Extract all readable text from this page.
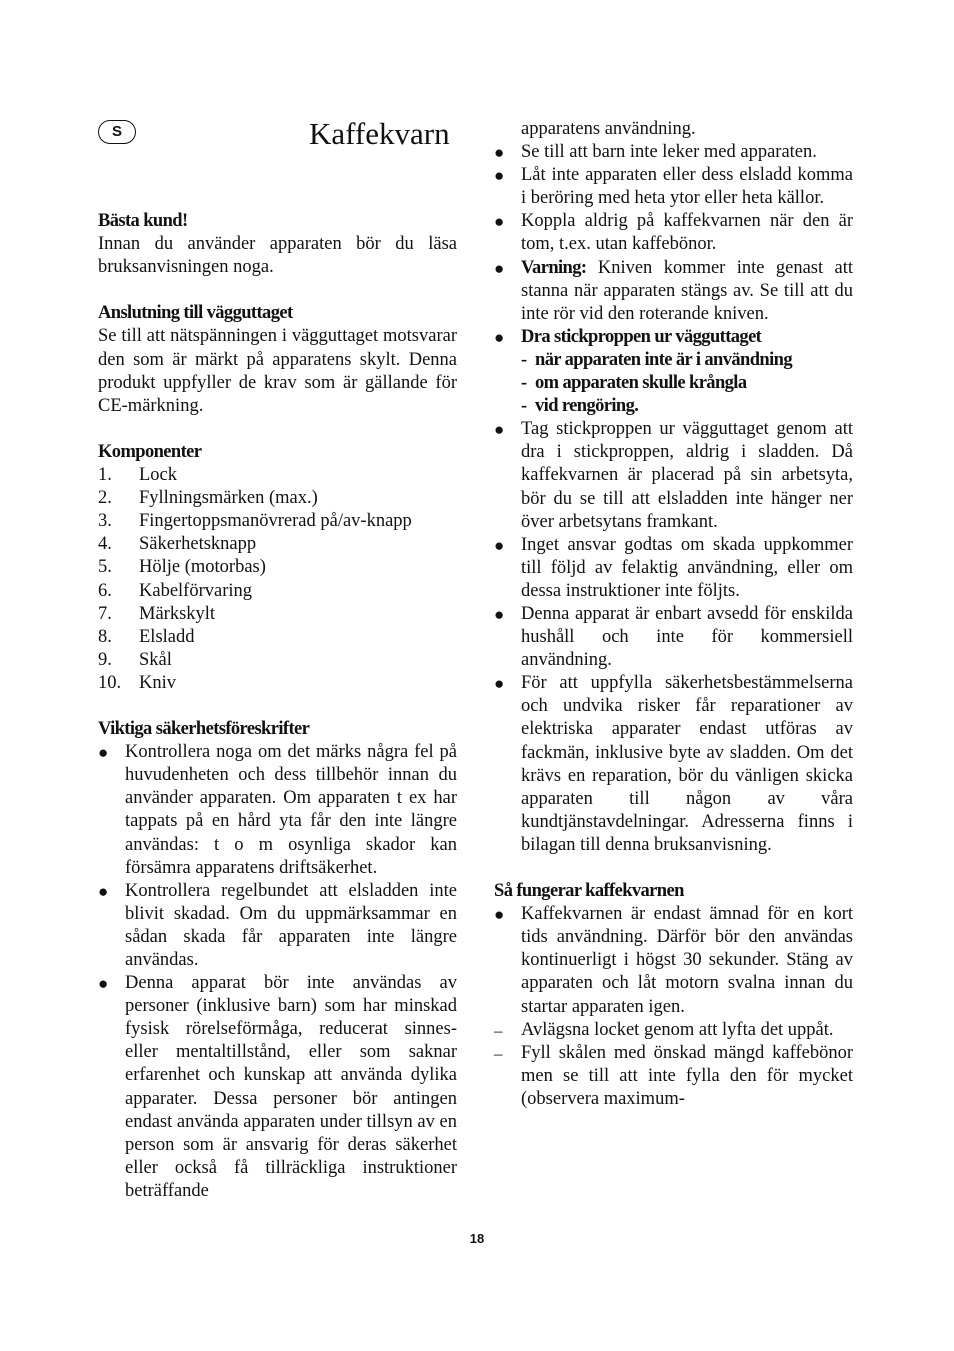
S	Kaffekvarn

Bästa kund!

Innan du använder apparaten bör du läsa bruksanvisningen noga.

Anslutning till vägguttaget

Se till att nätspänningen i vägguttaget motsvarar den som är märkt på apparatens skylt. Denna produkt uppfyller de krav som är gällande för CE-märkning.

Komponenter

1.	Lock
2.	Fyllningsmärken (max.)
3.	Fingertoppsmanövrerad på/av-knapp
4.	Säkerhetsknapp
5.	Hölje (motorbas)
6.	Kabelförvaring
7.	Märkskylt
8.	Elsladd
9.	Skål
10. Kniv

Viktiga säkerhetsföreskrifter

● Kontrollera noga om det märks några fel på huvudenheten och dess tillbehör innan du använder apparaten. Om apparaten t ex har tappats på en hård yta får den inte längre användas: t o m osynliga skador kan försämra apparatens driftsäkerhet.
● Kontrollera regelbundet att elsladden inte blivit skadad. Om du uppmärksammar en sådan skada får apparaten inte längre användas.
● Denna apparat bör inte användas av personer (inklusive barn) som har minskad fysisk rörelseförmåga, reducerat sinnes- eller mentaltillstånd, eller som saknar erfarenhet och kunskap att använda dylika apparater. Dessa personer bör antingen endast använda apparaten under tillsyn av en person som är ansvarig för deras säkerhet eller också få tillräckliga instruktioner beträffande
apparatens användning.
● Se till att barn inte leker med apparaten.
● Låt inte apparaten eller dess elsladd komma i beröring med heta ytor eller heta källor.
● Koppla aldrig på kaffekvarnen när den är tom, t.ex. utan kaffebönor.
● Varning: Kniven kommer inte genast att stanna när apparaten stängs av. Se till att du inte rör vid den roterande kniven.
● Dra stickproppen ur vägguttaget
- när apparaten inte är i användning
- om apparaten skulle krångla
- vid rengöring.
● Tag stickproppen ur vägguttaget genom att dra i stickproppen, aldrig i sladden. Då kaffekvarnen är placerad på sin arbetsyta, bör du se till att elsladden inte hänger ner över arbetsytans framkant.
● Inget ansvar godtas om skada uppkommer till följd av felaktig användning, eller om dessa instruktioner inte följts.
● Denna apparat är enbart avsedd för enskilda hushåll och inte för kommersiell användning.
● För att uppfylla säkerhetsbestämmelserna och undvika risker får reparationer av elektriska apparater endast utföras av fackmän, inklusive byte av sladden. Om det krävs en reparation, bör du vänligen skicka apparaten till någon av våra kundtjänstavdelningar. Adresserna finns i bilagan till denna bruksanvisning.

Så fungerar kaffekvarnen

● Kaffekvarnen är endast ämnad för en kort tids användning. Därför bör den användas kontinuerligt i högst 30 sekunder. Stäng av apparaten och låt motorn svalna innan du startar apparaten igen.
–	Avlägsna locket genom att lyfta det uppåt.
–	Fyll skålen med önskad mängd kaffebönor men se till att inte fylla den för mycket (observera maximum-
18
